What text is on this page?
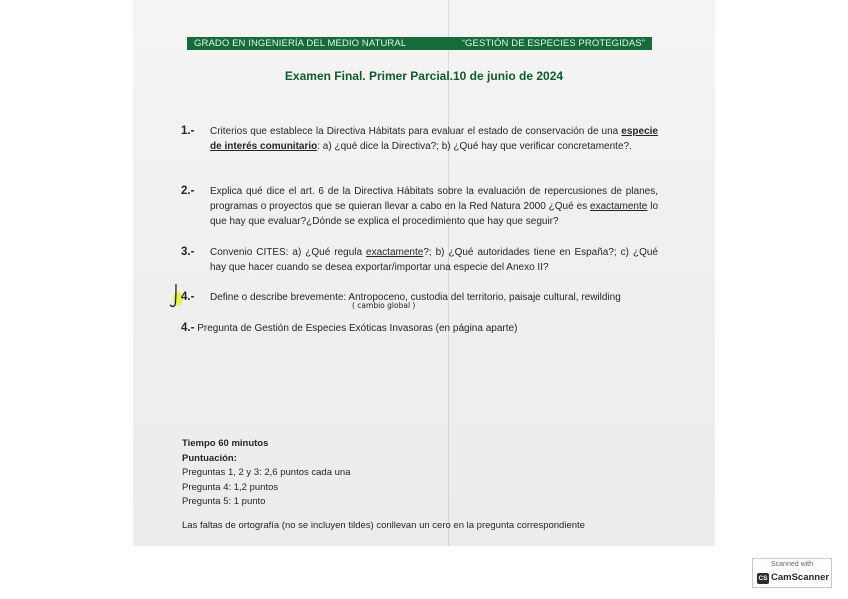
GRADO EN INGENIERÍA DEL MEDIO NATURAL	“GESTIÓN DE ESPECIES PROTEGIDAS”
Examen Final. Primer Parcial.10 de junio de 2024
1.- Criterios que establece la Directiva Hábitats para evaluar el estado de conservación de una especie de interés comunitario: a) ¿qué dice la Directiva?; b) ¿Qué hay que verificar concretamente?.
2.- Explica qué dice el art. 6 de la Directiva Hábitats sobre la evaluación de repercusiones de planes, programas o proyectos que se quieran llevar a cabo en la Red Natura 2000 ¿Qué es exactamente lo que hay que evaluar?¿Dónde se explica el procedimiento que hay que seguir?
3.- Convenio CITES: a) ¿Qué regula exactamente?; b) ¿Qué autoridades tiene en España?; c) ¿Qué hay que hacer cuando se desea exportar/importar una especie del Anexo II?
4.- Define o describe brevemente: Antropoceno, custodia del territorio, paisaje cultural, rewilding
( cambio global )
4.- Pregunta de Gestión de Especies Exóticas Invasoras (en página aparte)
Tiempo 60 minutos
Puntuación:
Preguntas 1, 2 y 3: 2,6 puntos cada una
Pregunta 4: 1,2 puntos
Pregunta 5: 1 punto
Las faltas de ortografía (no se incluyen tildes) conllevan un cero en la pregunta correspondiente
Scanned with
CS CamScanner
